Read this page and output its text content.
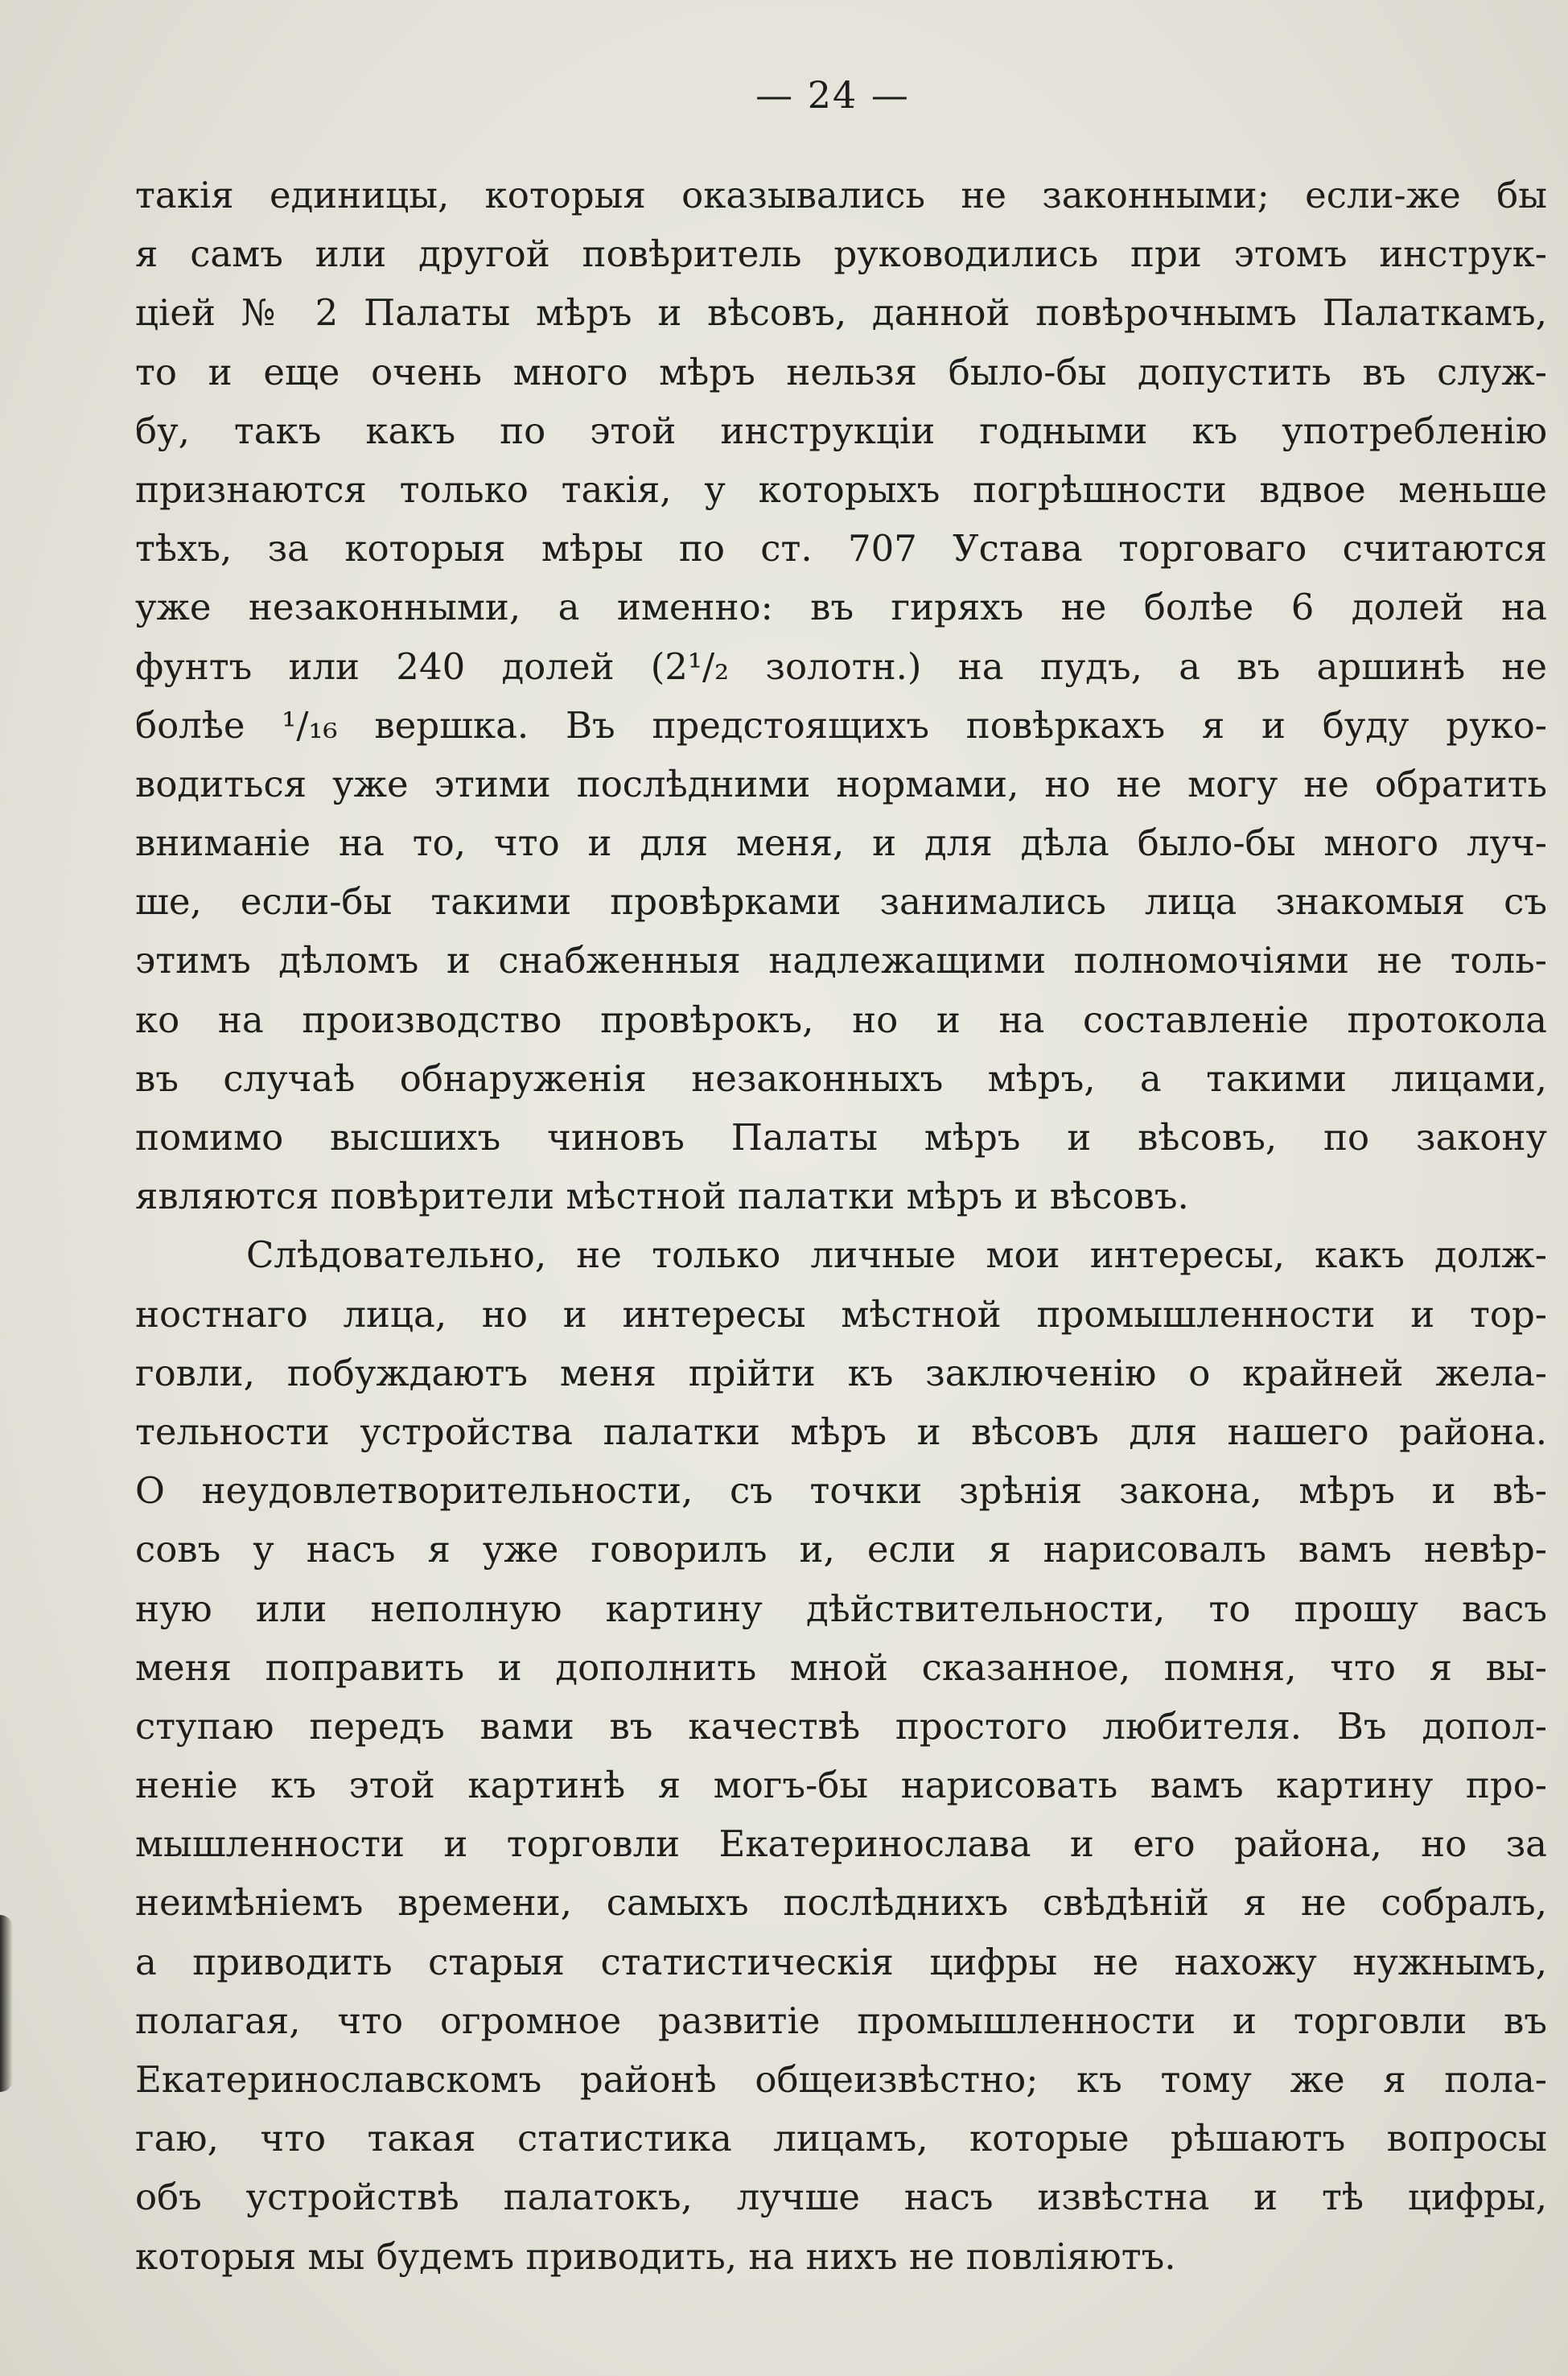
— 24 —
такія единицы, которыя оказывались не законными; если-же бы
я самъ или другой повѣритель руководились при этомъ инструк-
ціей № 2 Палаты мѣръ и вѣсовъ, данной повѣрочнымъ Палаткамъ,
то и еще очень много мѣръ нельзя было-бы допустить въ служ-
бу, такъ какъ по этой инструкціи годными къ употребленію
признаются только такія, у которыхъ погрѣшности вдвое меньше
тѣхъ, за которыя мѣры по ст. 707 Устава торговаго считаются
уже незаконными, а именно: въ гиряхъ не болѣе 6 долей на
фунтъ или 240 долей (2¹/₂ золотн.) на пудъ, а въ аршинѣ не
болѣе ¹/₁₆ вершка. Въ предстоящихъ повѣркахъ я и буду руко-
водиться уже этими послѣдними нормами, но не могу не обратить
вниманіе на то, что и для меня, и для дѣла было-бы много луч-
ше, если-бы такими провѣрками занимались лица знакомыя съ
этимъ дѣломъ и снабженныя надлежащими полномочіями не толь-
ко на производство провѣрокъ, но и на составленіе протокола
въ случаѣ обнаруженія незаконныхъ мѣръ, а такими лицами,
помимо высшихъ чиновъ Палаты мѣръ и вѣсовъ, по закону
являются повѣрители мѣстной палатки мѣръ и вѣсовъ.
Слѣдовательно, не только личные мои интересы, какъ долж-
ностнаго лица, но и интересы мѣстной промышленности и тор-
говли, побуждаютъ меня прійти къ заключенію о крайней жела-
тельности устройства палатки мѣръ и вѣсовъ для нашего района.
О неудовлетворительности, съ точки зрѣнія закона, мѣръ и вѣ-
совъ у насъ я уже говорилъ и, если я нарисовалъ вамъ невѣр-
ную или неполную картину дѣйствительности, то прошу васъ
меня поправить и дополнить мной сказанное, помня, что я вы-
ступаю передъ вами въ качествѣ простого любителя. Въ допол-
неніе къ этой картинѣ я могъ-бы нарисовать вамъ картину про-
мышленности и торговли Екатеринослава и его района, но за
неимѣніемъ времени, самыхъ послѣднихъ свѣдѣній я не собралъ,
а приводить старыя статистическія цифры не нахожу нужнымъ,
полагая, что огромное развитіе промышленности и торговли въ
Екатеринославскомъ районѣ общеизвѣстно; къ тому же я пола-
гаю, что такая статистика лицамъ, которые рѣшаютъ вопросы
объ устройствѣ палатокъ, лучше насъ извѣстна и тѣ цифры,
которыя мы будемъ приводить, на нихъ не повліяютъ.
